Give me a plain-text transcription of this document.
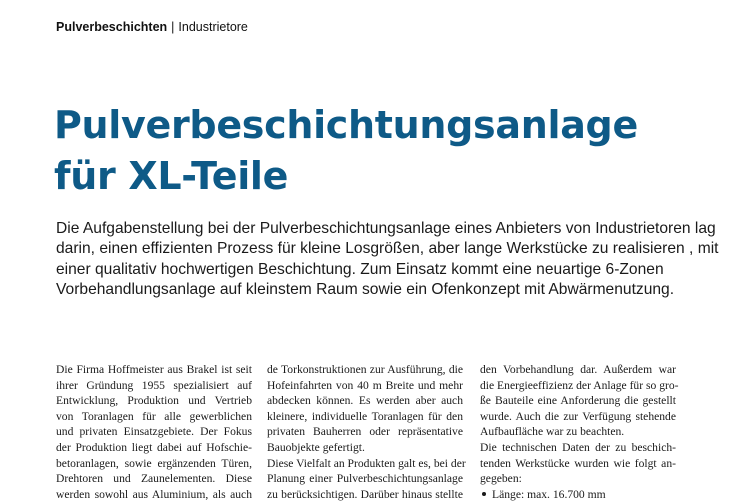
Pulverbeschichten | Industrietore
Pulverbeschichtungsanlage
für XL-Teile
Die Aufgabenstellung bei der Pulverbeschichtungsanlage eines Anbieters von Industrietoren lag
darin, einen effizienten Prozess für kleine Losgrößen, aber lange Werkstücke zu realisieren , mit
einer qualitativ hochwertigen Beschichtung. Zum Einsatz kommt eine neuartige 6-Zonen
Vorbehandlungsanlage auf kleinstem Raum sowie ein Ofenkonzept mit Abwärmenutzung.
Die Firma Hoffmeister aus Brakel ist seit
ihrer Gründung 1955 spezialisiert auf
Entwicklung, Produktion und Vertrieb
von Toranlagen für alle gewerblichen
und privaten Einsatzgebiete. Der Fokus
der Produktion liegt dabei auf Hofschie-
betoranlagen, sowie ergänzenden Türen,
Drehtoren und Zaunelementen. Diese
werden sowohl aus Aluminium, als auch
de Torkonstruktionen zur Ausführung, die
Hofeinfahrten von 40 m Breite und mehr
abdecken können. Es werden aber auch
kleinere, individuelle Toranlagen für den
privaten Bauherren oder repräsentative
Bauobjekte gefertigt.
Diese Vielfalt an Produkten galt es, bei der
Planung einer Pulverbeschichtungsanlage
zu berücksichtigen. Darüber hinaus stellte
den Vorbehandlung dar. Außerdem war
die Energieeffizienz der Anlage für so gro-
ße Bauteile eine Anforderung die gestellt
wurde. Auch die zur Verfügung stehende
Aufbaufläche war zu beachten.
Die technischen Daten der zu beschich-
tenden Werkstücke wurden wie folgt an-
gegeben:
Länge: max. 16.700 mm
